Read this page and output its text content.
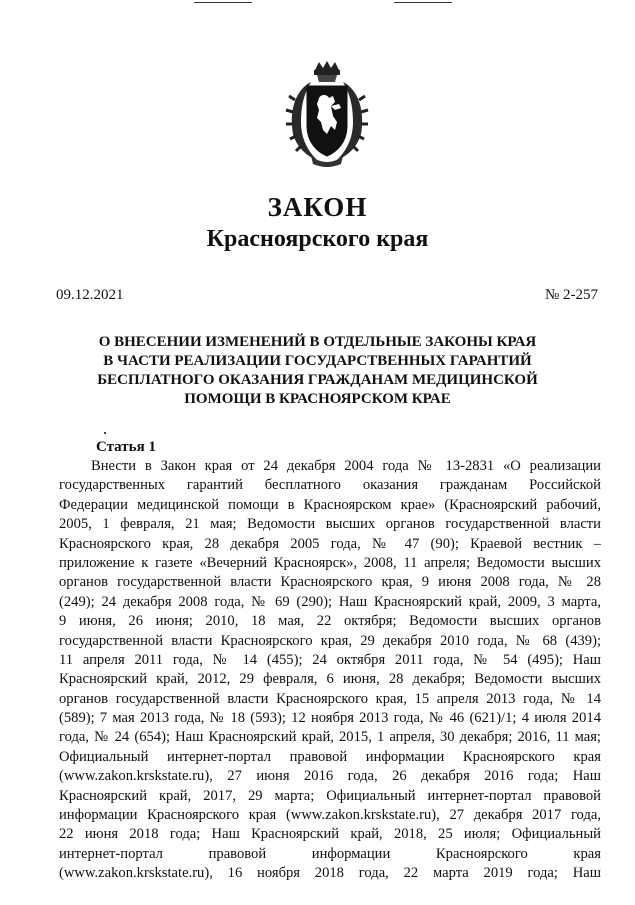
ЗАКОН
Красноярского края
09.12.2021	№ 2-257
О ВНЕСЕНИИ ИЗМЕНЕНИЙ В ОТДЕЛЬНЫЕ ЗАКОНЫ КРАЯ
В ЧАСТИ РЕАЛИЗАЦИИ ГОСУДАРСТВЕННЫХ ГАРАНТИЙ
БЕСПЛАТНОГО ОКАЗАНИЯ ГРАЖДАНАМ МЕДИЦИНСКОЙ
ПОМОЩИ В КРАСНОЯРСКОМ КРАЕ
Статья 1
Внести в Закон края от 24 декабря 2004 года № 13-2831 «О реализации
государственных гарантий бесплатного оказания гражданам Российской
Федерации медицинской помощи в Красноярском крае» (Красноярский рабочий,
2005, 1 февраля, 21 мая; Ведомости высших органов государственной власти
Красноярского края, 28 декабря 2005 года, № 47 (90); Краевой вестник –
приложение к газете «Вечерний Красноярск», 2008, 11 апреля; Ведомости высших
органов государственной власти Красноярского края, 9 июня 2008 года, № 28
(249); 24 декабря 2008 года, № 69 (290); Наш Красноярский край, 2009, 3 марта,
9 июня, 26 июня; 2010, 18 мая, 22 октября; Ведомости высших органов
государственной власти Красноярского края, 29 декабря 2010 года, № 68 (439);
11 апреля 2011 года, № 14 (455); 24 октября 2011 года, № 54 (495); Наш
Красноярский край, 2012, 29 февраля, 6 июня, 28 декабря; Ведомости высших
органов государственной власти Красноярского края, 15 апреля 2013 года, № 14
(589); 7 мая 2013 года, № 18 (593); 12 ноября 2013 года, № 46 (621)/1; 4 июля 2014
года, № 24 (654); Наш Красноярский край, 2015, 1 апреля, 30 декабря; 2016, 11 мая;
Официальный интернет-портал правовой информации Красноярского края
(www.zakon.krskstate.ru), 27 июня 2016 года, 26 декабря 2016 года; Наш
Красноярский край, 2017, 29 марта; Официальный интернет-портал правовой
информации Красноярского края (www.zakon.krskstate.ru), 27 декабря 2017 года,
22 июня 2018 года; Наш Красноярский край, 2018, 25 июля; Официальный
интернет-портал правовой информации Красноярского края
(www.zakon.krskstate.ru), 16 ноября 2018 года, 22 марта 2019 года; Наш
